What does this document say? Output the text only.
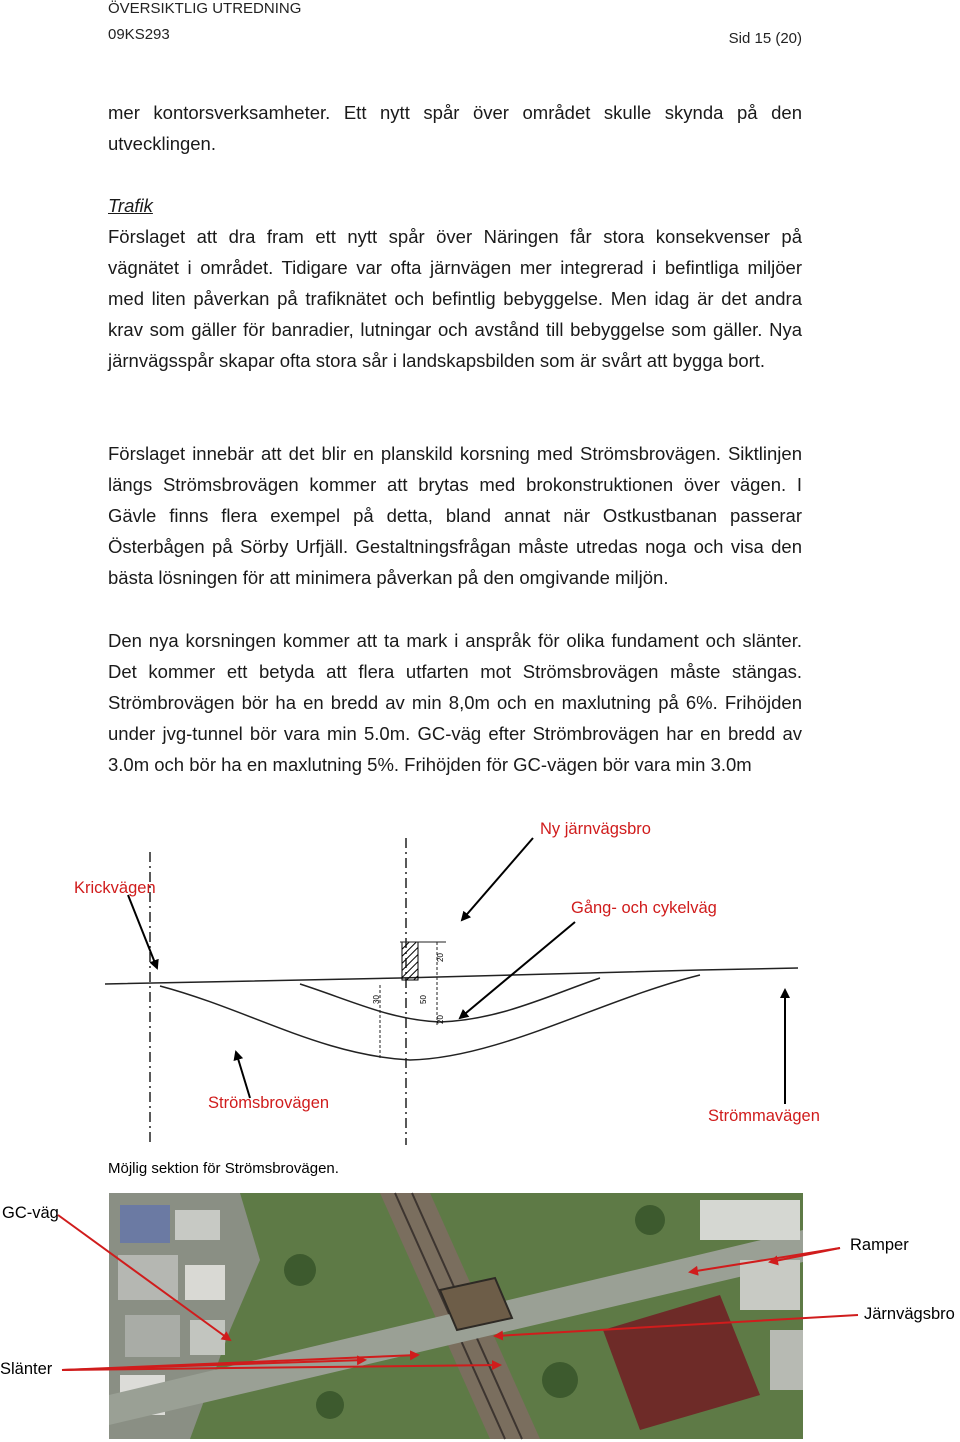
ÖVERSIKTLIG UTREDNING
09KS293	Sid 15 (20)

mer kontorsverksamheter. Ett nytt spår över området skulle skynda på den utvecklingen.

Trafik
Förslaget att dra fram ett nytt spår över Näringen får stora konsekvenser på vägnätet i området. Tidigare var ofta järnvägen mer integrerad i befintliga miljöer med liten påverkan på trafiknätet och befintlig bebyggelse. Men idag är det andra krav som gäller för banradier, lutningar och avstånd till bebyggelse som gäller. Nya järnvägsspår skapar ofta stora sår i landskapsbilden som är svårt att bygga bort.

Förslaget innebär att det blir en planskild korsning med Strömsbrovägen. Siktlinjen längs Strömsbrovägen kommer att brytas med brokonstruktionen över vägen. I Gävle finns flera exempel på detta, bland annat när Ostkustbanan passerar Österbågen på Sörby Urfjäll. Gestaltningsfrågan måste utredas noga och visa den bästa lösningen för att minimera påverkan på den omgivande miljön.

Den nya korsningen kommer att ta mark i anspråk för olika fundament och slänter. Det kommer ett betyda att flera utfarten mot Strömsbrovägen måste stängas. Strömbrovägen bör ha en bredd av min 8,0m och en maxlutning på 6%. Frihöjden under jvg-tunnel bör vara min 5.0m. GC-väg efter Strömbrovägen har en bredd av 3.0m och bör ha en maxlutning 5%. Frihöjden för GC-vägen bör vara min 3.0m

20
30	50
20
Ny järnvägsbro
Krickvägen
Gång- och cykelväg
Strömsbrovägen
Strömmavägen
Möjlig sektion för Strömsbrovägen.
GC-väg
Ramper
Järnvägsbro
Slänter
